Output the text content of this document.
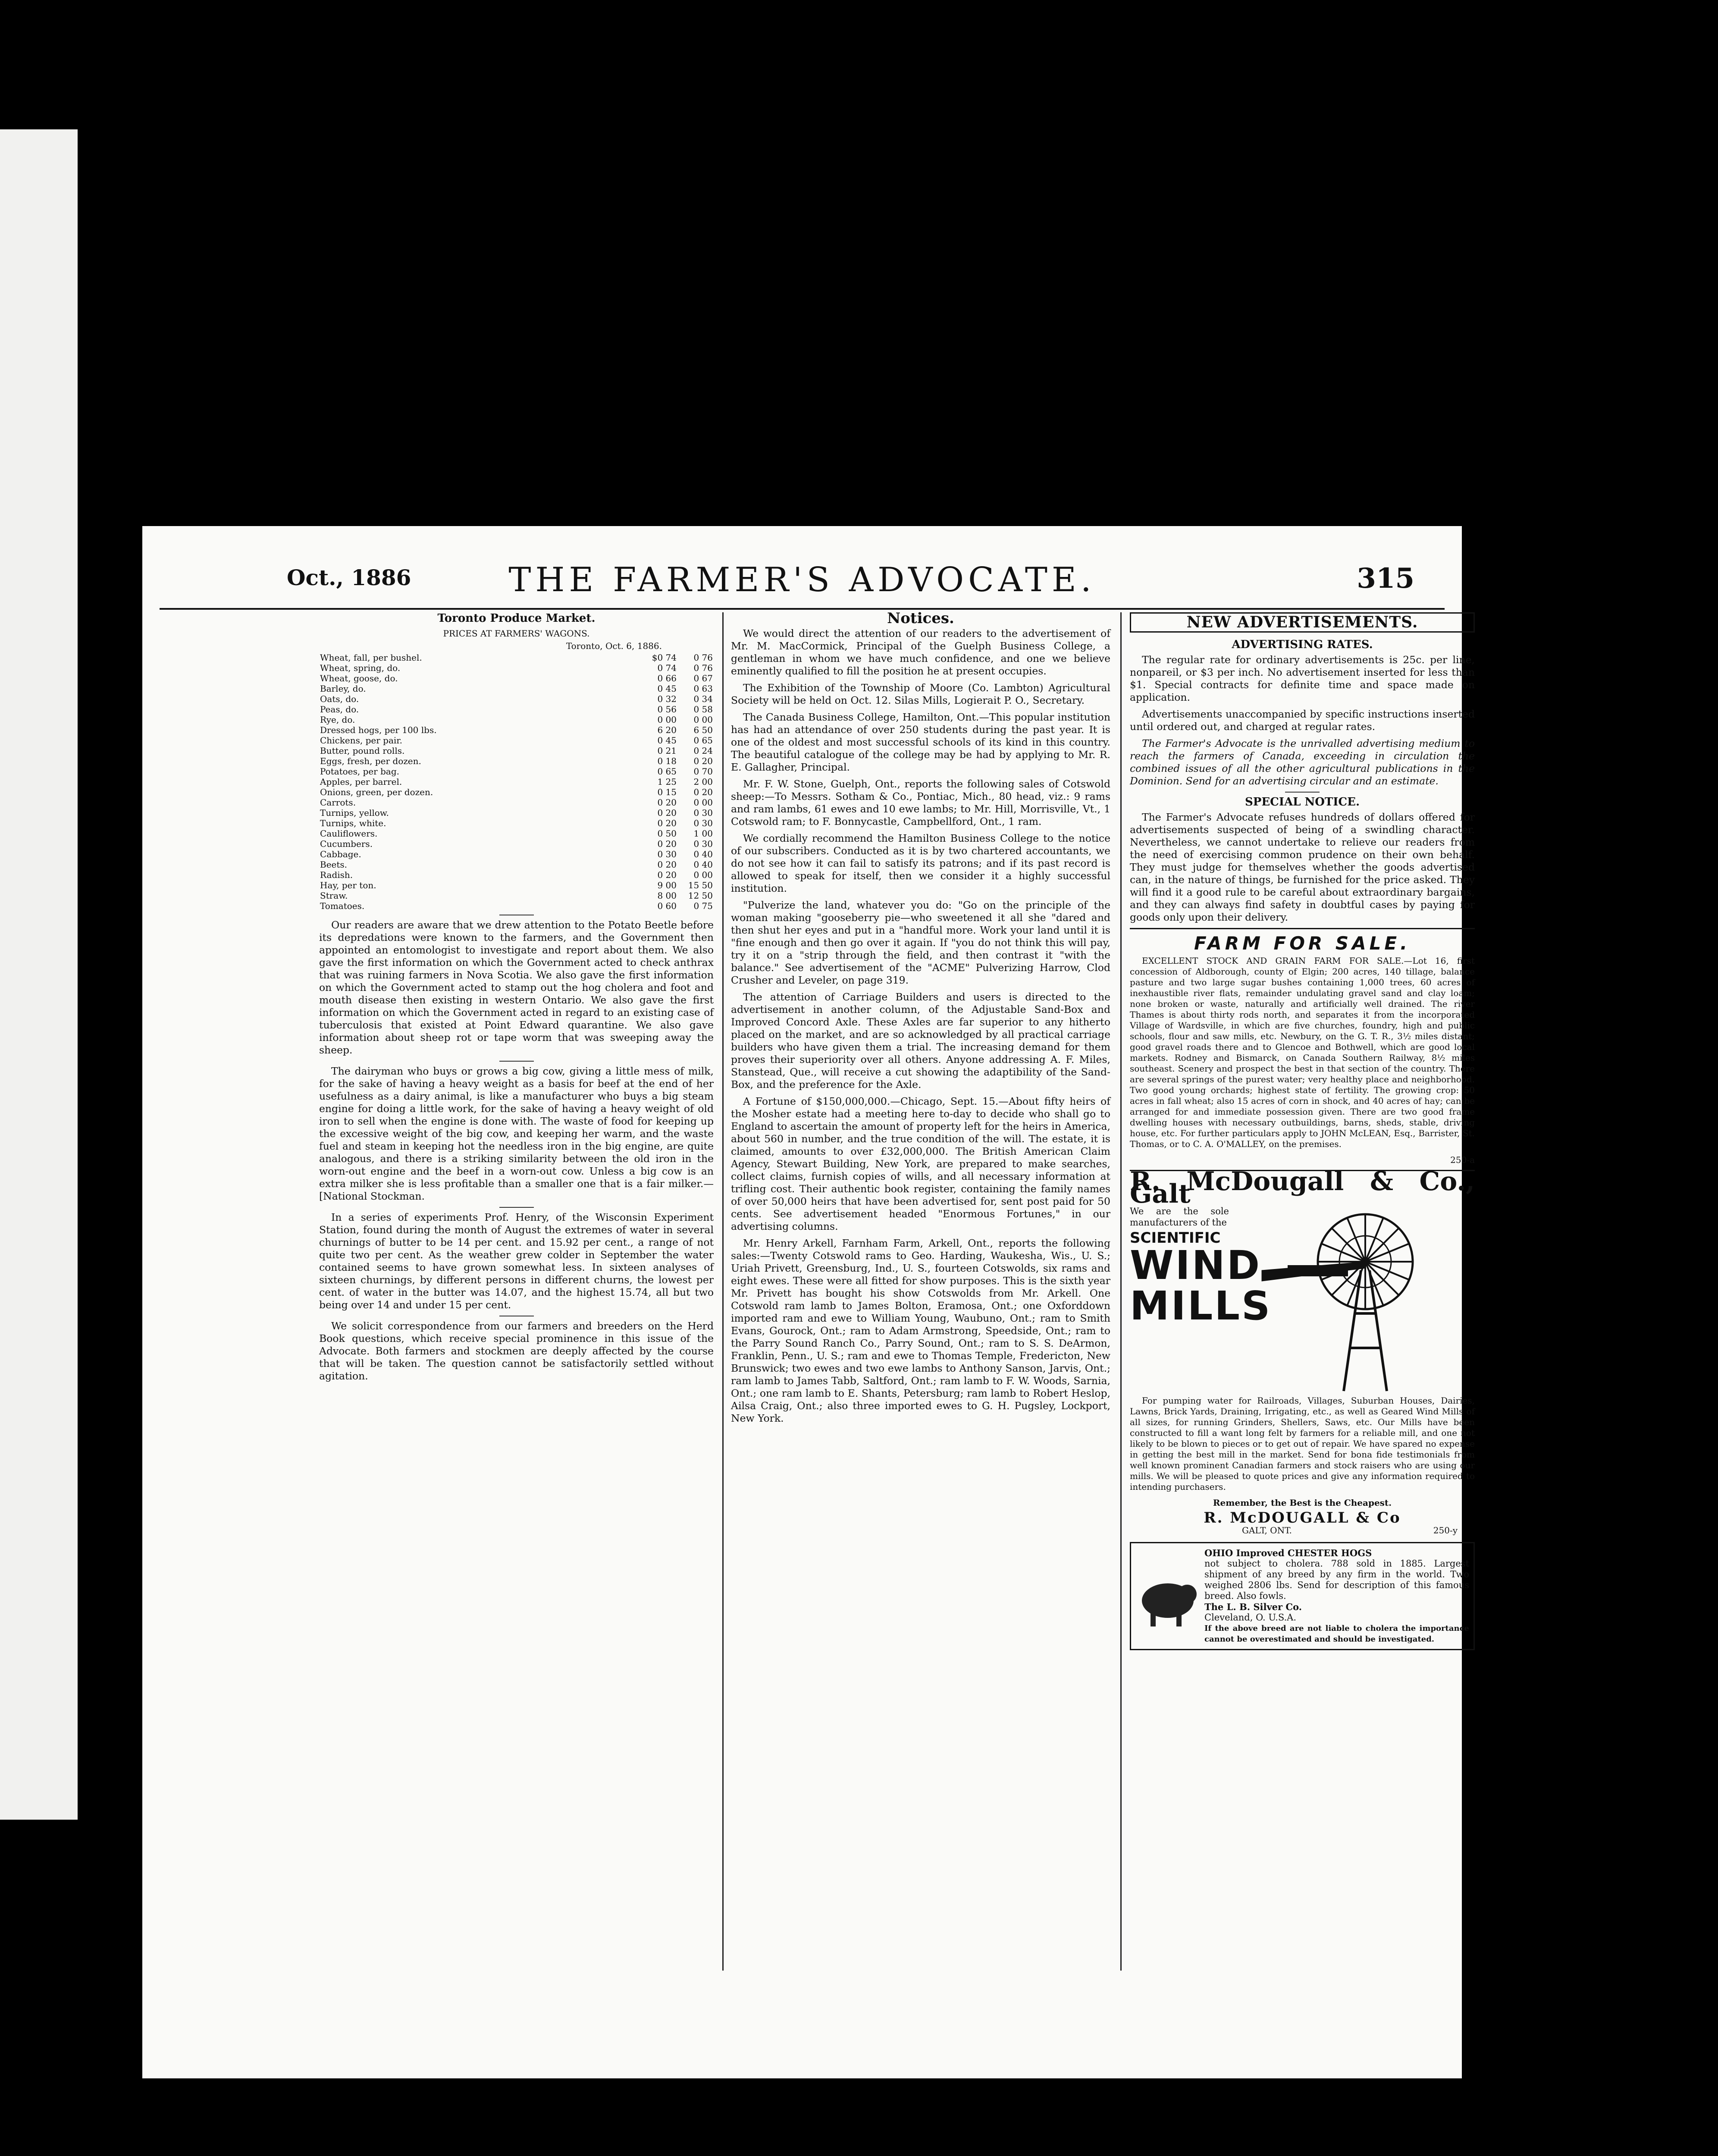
Oct., 1886	THE FARMER'S ADVOCATE.	315
Toronto Produce Market.
PRICES AT FARMERS' WAGONS.
Toronto, Oct. 6, 1886.
Wheat, fall, per bushel.	$0 74	0 76
Wheat, spring, do.	0 74	0 76
Wheat, goose, do.	0 66	0 67
Barley, do.	0 45	0 63
Oats, do.	0 32	0 34
Peas, do.	0 56	0 58
Rye, do.	0 00	0 00
Dressed hogs, per 100 lbs.	6 20	6 50
Chickens, per pair.	0 45	0 65
Butter, pound rolls.	0 21	0 24
Eggs, fresh, per dozen.	0 18	0 20
Potatoes, per bag.	0 65	0 70
Apples, per barrel.	1 25	2 00
Onions, green, per dozen.	0 15	0 20
Carrots.	0 20	0 00
Turnips, yellow.	0 20	0 30
Turnips, white.	0 20	0 30
Cauliflowers.	0 50	1 00
Cucumbers.	0 20	0 30
Cabbage.	0 30	0 40
Beets.	0 20	0 40
Radish.	0 20	0 00
Hay, per ton.	9 00	15 50
Straw.	8 00	12 50
Tomatoes.	0 60	0 75

Our readers are aware that we drew attention to the Potato Beetle before its depredations were known to the farmers, and the Government then appointed an entomologist to investigate and report about them. We also gave the first information on which the Government acted to check anthrax that was ruining farmers in Nova Scotia. We also gave the first information on which the Government acted to stamp out the hog cholera and foot and mouth disease then existing in western Ontario. We also gave the first information on which the Government acted in regard to an existing case of tuberculosis that existed at Point Edward quarantine. We also gave information about sheep rot or tape worm that was sweeping away the sheep.

The dairyman who buys or grows a big cow, giving a little mess of milk, for the sake of having a heavy weight as a basis for beef at the end of her usefulness as a dairy animal, is like a manufacturer who buys a big steam engine for doing a little work, for the sake of having a heavy weight of old iron to sell when the engine is done with. The waste of food for keeping up the excessive weight of the big cow, and keeping her warm, and the waste fuel and steam in keeping hot the needless iron in the big engine, are quite analogous, and there is a striking similarity between the old iron in the worn-out engine and the beef in a worn-out cow. Unless a big cow is an extra milker she is less profitable than a smaller one that is a fair milker.—[National Stockman.

In a series of experiments Prof. Henry, of the Wisconsin Experiment Station, found during the month of August the extremes of water in several churnings of butter to be 14 per cent. and 15.92 per cent., a range of not quite two per cent. As the weather grew colder in September the water contained seems to have grown somewhat less. In sixteen analyses of sixteen churnings, by different persons in different churns, the lowest per cent. of water in the butter was 14.07, and the highest 15.74, all but two being over 14 and under 15 per cent.

We solicit correspondence from our farmers and breeders on the Herd Book questions, which receive special prominence in this issue of the Advocate. Both farmers and stockmen are deeply affected by the course that will be taken. The question cannot be satisfactorily settled without agitation.

Notices.

We would direct the attention of our readers to the advertisement of Mr. M. MacCormick, Principal of the Guelph Business College, a gentleman in whom we have much confidence, and one we believe eminently qualified to fill the position he at present occupies.

The Exhibition of the Township of Moore (Co. Lambton) Agricultural Society will be held on Oct. 12. Silas Mills, Logierait P. O., Secretary.

The Canada Business College, Hamilton, Ont.—This popular institution has had an attendance of over 250 students during the past year. It is one of the oldest and most successful schools of its kind in this country. The beautiful catalogue of the college may be had by applying to Mr. R. E. Gallagher, Principal.

Mr. F. W. Stone, Guelph, Ont., reports the following sales of Cotswold sheep:—To Messrs. Sotham & Co., Pontiac, Mich., 80 head, viz.: 9 rams and ram lambs, 61 ewes and 10 ewe lambs; to Mr. Hill, Morrisville, Vt., 1 Cotswold ram; to F. Bonnycastle, Campbellford, Ont., 1 ram.

We cordially recommend the Hamilton Business College to the notice of our subscribers. Conducted as it is by two chartered accountants, we do not see how it can fail to satisfy its patrons; and if its past record is allowed to speak for itself, then we consider it a highly successful institution.

"Pulverize the land, whatever you do: "Go on the principle of the woman making "gooseberry pie—who sweetened it all she "dared and then shut her eyes and put in a "handful more. Work your land until it is "fine enough and then go over it again. If "you do not think this will pay, try it on a "strip through the field, and then contrast it "with the balance." See advertisement of the "ACME" Pulverizing Harrow, Clod Crusher and Leveler, on page 319.

The attention of Carriage Builders and users is directed to the advertisement in another column, of the Adjustable Sand-Box and Improved Concord Axle. These Axles are far superior to any hitherto placed on the market, and are so acknowledged by all practical carriage builders who have given them a trial. The increasing demand for them proves their superiority over all others. Anyone addressing A. F. Miles, Stanstead, Que., will receive a cut showing the adaptibility of the Sand-Box, and the preference for the Axle.

A Fortune of $150,000,000.—Chicago, Sept. 15.—About fifty heirs of the Mosher estate had a meeting here to-day to decide who shall go to England to ascertain the amount of property left for the heirs in America, about 560 in number, and the true condition of the will. The estate, it is claimed, amounts to over £32,000,000. The British American Claim Agency, Stewart Building, New York, are prepared to make searches, collect claims, furnish copies of wills, and all necessary information at trifling cost. Their authentic book register, containing the family names of over 50,000 heirs that have been advertised for, sent post paid for 50 cents. See advertisement headed "Enormous Fortunes," in our advertising columns.

Mr. Henry Arkell, Farnham Farm, Arkell, Ont., reports the following sales:—Twenty Cotswold rams to Geo. Harding, Waukesha, Wis., U. S.; Uriah Privett, Greensburg, Ind., U. S., fourteen Cotswolds, six rams and eight ewes. These were all fitted for show purposes. This is the sixth year Mr. Privett has bought his show Cotswolds from Mr. Arkell. One Cotswold ram lamb to James Bolton, Eramosa, Ont.; one Oxforddown imported ram and ewe to William Young, Waubuno, Ont.; ram to Smith Evans, Gourock, Ont.; ram to Adam Armstrong, Speedside, Ont.; ram to the Parry Sound Ranch Co., Parry Sound, Ont.; ram to S. S. DeArmon, Franklin, Penn., U. S.; ram and ewe to Thomas Temple, Fredericton, New Brunswick; two ewes and two ewe lambs to Anthony Sanson, Jarvis, Ont.; ram lamb to James Tabb, Saltford, Ont.; ram lamb to F. W. Woods, Sarnia, Ont.; one ram lamb to E. Shants, Petersburg; ram lamb to Robert Heslop, Ailsa Craig, Ont.; also three imported ewes to G. H. Pugsley, Lockport, New York.

NEW ADVERTISEMENTS.
ADVERTISING RATES.

The regular rate for ordinary advertisements is 25c. per line, nonpareil, or $3 per inch. No advertisement inserted for less than $1. Special contracts for definite time and space made on application.

Advertisements unaccompanied by specific instructions inserted until ordered out, and charged at regular rates.

The Farmer's Advocate is the unrivalled advertising medium to reach the farmers of Canada, exceeding in circulation the combined issues of all the other agricultural publications in the Dominion. Send for an advertising circular and an estimate.

SPECIAL NOTICE.

The Farmer's Advocate refuses hundreds of dollars offered for advertisements suspected of being of a swindling character. Nevertheless, we cannot undertake to relieve our readers from the need of exercising common prudence on their own behalf. They must judge for themselves whether the goods advertised can, in the nature of things, be furnished for the price asked. They will find it a good rule to be careful about extraordinary bargains, and they can always find safety in doubtful cases by paying for goods only upon their delivery.

FARM FOR SALE.

EXCELLENT STOCK AND GRAIN FARM FOR SALE.—Lot 16, first concession of Aldborough, county of Elgin; 200 acres, 140 tillage, balance pasture and two large sugar bushes containing 1,000 trees, 60 acres of inexhaustible river flats, remainder undulating gravel sand and clay loam; none broken or waste, naturally and artificially well drained. The river Thames is about thirty rods north, and separates it from the incorporated Village of Wardsville, in which are five churches, foundry, high and public schools, flour and saw mills, etc. Newbury, on the G. T. R., 3½ miles distant; good gravel roads there and to Glencoe and Bothwell, which are good local markets. Rodney and Bismarck, on Canada Southern Railway, 8½ miles southeast. Scenery and prospect the best in that section of the country. There are several springs of the purest water; very healthy place and neighborhood. Two good young orchards; highest state of fertility. The growing crop: 50 acres in fall wheat; also 15 acres of corn in shock, and 40 acres of hay; can be arranged for and immediate possession given. There are two good frame dwelling houses with necessary outbuildings, barns, sheds, stable, driving house, etc. For further particulars apply to JOHN McLEAN, Esq., Barrister, St. Thomas, or to C. A. O'MALLEY, on the premises.

250-a
R. McDougall & Co., Galt
We are the sole manufacturers of the
SCIENTIFIC
WIND
MILLS

For pumping water for Railroads, Villages, Suburban Houses, Dairies, Lawns, Brick Yards, Draining, Irrigating, etc., as well as Geared Wind Mills of all sizes, for running Grinders, Shellers, Saws, etc. Our Mills have been constructed to fill a want long felt by farmers for a reliable mill, and one not likely to be blown to pieces or to get out of repair. We have spared no expense in getting the best mill in the market. Send for bona fide testimonials from well known prominent Canadian farmers and stock raisers who are using our mills. We will be pleased to quote prices and give any information required to intending purchasers.

Remember, the Best is the Cheapest.
R. McDOUGALL & Co
GALT, ONT.	250-y
OHIO Improved CHESTER HOGS
not subject to cholera. 788 sold in 1885. Largest shipment of any breed by any firm in the world. Two weighed 2806 lbs. Send for description of this famous breed. Also fowls.
The L. B. Silver Co.
Cleveland, O. U.S.A.
If the above breed are not liable to cholera the importance cannot be overestimated and should be investigated.
